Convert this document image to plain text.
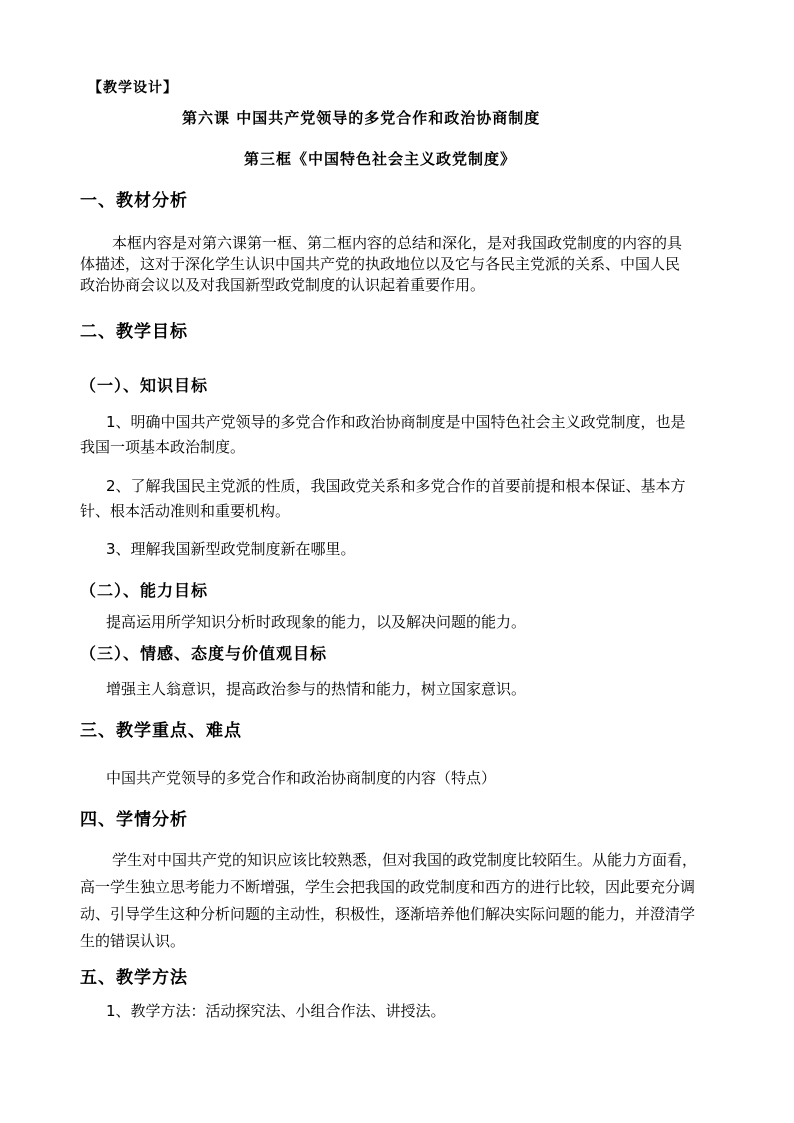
【教学设计】
第六课 中国共产党领导的多党合作和政治协商制度
第三框《中国特色社会主义政党制度》
一、教材分析
本框内容是对第六课第一框、第二框内容的总结和深化，是对我国政党制度的内容的具
体描述，这对于深化学生认识中国共产党的执政地位以及它与各民主党派的关系、中国人民
政治协商会议以及对我国新型政党制度的认识起着重要作用。
二、教学目标
（一）、知识目标
1、明确中国共产党领导的多党合作和政治协商制度是中国特色社会主义政党制度，也是
我国一项基本政治制度。
2、了解我国民主党派的性质，我国政党关系和多党合作的首要前提和根本保证、基本方
针、根本活动准则和重要机构。
3、理解我国新型政党制度新在哪里。
（二）、能力目标
提高运用所学知识分析时政现象的能力，以及解决问题的能力。
（三）、情感、态度与价值观目标
增强主人翁意识，提高政治参与的热情和能力，树立国家意识。
三、教学重点、难点
中国共产党领导的多党合作和政治协商制度的内容（特点）
四、学情分析
学生对中国共产党的知识应该比较熟悉，但对我国的政党制度比较陌生。从能力方面看，
高一学生独立思考能力不断增强，学生会把我国的政党制度和西方的进行比较，因此要充分调
动、引导学生这种分析问题的主动性，积极性，逐渐培养他们解决实际问题的能力，并澄清学
生的错误认识。
五、教学方法
1、教学方法：活动探究法、小组合作法、讲授法。
